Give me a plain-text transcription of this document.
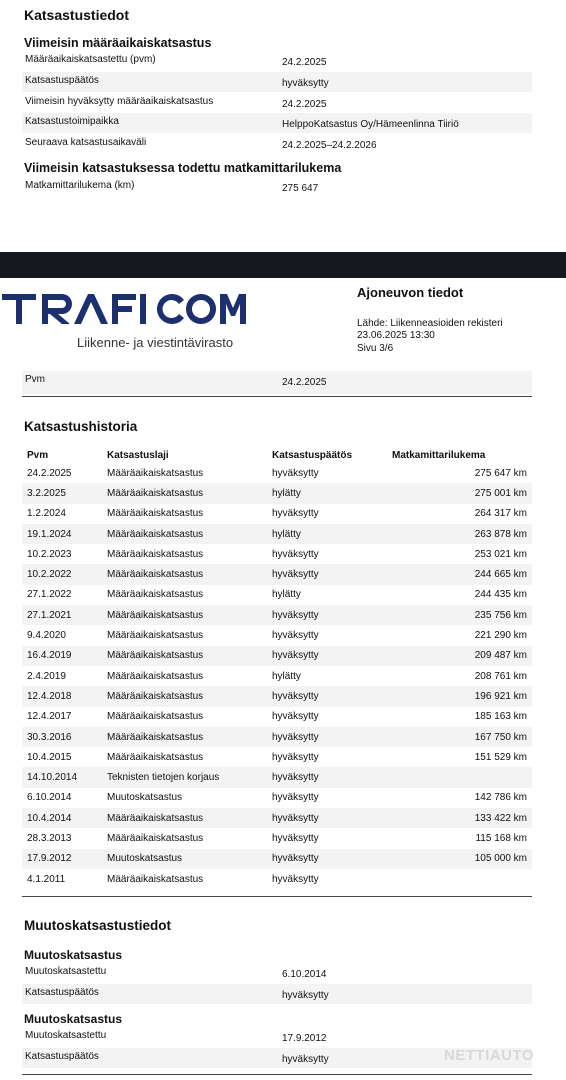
Katsastustiedot
Viimeisin määräaikaiskatsastus
Määräaikaiskatsastettu (pvm)	24.2.2025
Katsastuspäätös	hyväksytty
Viimeisin hyväksytty määräaikaiskatsastus	24.2.2025
Katsastustoimipaikka	HelppoKatsastus Oy/Hämeenlinna Tiiriö
Seuraava katsastusaikaväli	24.2.2025–24.2.2026
Viimeisin katsastuksessa todettu matkamittarilukema
Matkamittarilukema (km)	275 647
Liikenne- ja viestintävirasto
Ajoneuvon tiedot
Lähde: Liikenneasioiden rekisteri
23.06.2025 13:30
Sivu 3/6
Pvm	24.2.2025
Katsastushistoria
Pvm	Katsastuslaji	Katsastuspäätös	Matkamittarilukema
24.2.2025	Määräaikaiskatsastus	hyväksytty	275 647 km
3.2.2025	Määräaikaiskatsastus	hylätty	275 001 km
1.2.2024	Määräaikaiskatsastus	hyväksytty	264 317 km
19.1.2024	Määräaikaiskatsastus	hylätty	263 878 km
10.2.2023	Määräaikaiskatsastus	hyväksytty	253 021 km
10.2.2022	Määräaikaiskatsastus	hyväksytty	244 665 km
27.1.2022	Määräaikaiskatsastus	hylätty	244 435 km
27.1.2021	Määräaikaiskatsastus	hyväksytty	235 756 km
9.4.2020	Määräaikaiskatsastus	hyväksytty	221 290 km
16.4.2019	Määräaikaiskatsastus	hyväksytty	209 487 km
2.4.2019	Määräaikaiskatsastus	hylätty	208 761 km
12.4.2018	Määräaikaiskatsastus	hyväksytty	196 921 km
12.4.2017	Määräaikaiskatsastus	hyväksytty	185 163 km
30.3.2016	Määräaikaiskatsastus	hyväksytty	167 750 km
10.4.2015	Määräaikaiskatsastus	hyväksytty	151 529 km
14.10.2014	Teknisten tietojen korjaus	hyväksytty	
6.10.2014	Muutoskatsastus	hyväksytty	142 786 km
10.4.2014	Määräaikaiskatsastus	hyväksytty	133 422 km
28.3.2013	Määräaikaiskatsastus	hyväksytty	115 168 km
17.9.2012	Muutoskatsastus	hyväksytty	105 000 km
4.1.2011	Määräaikaiskatsastus	hyväksytty	
Muutoskatsastustiedot
Muutoskatsastus
Muutoskatsastettu	6.10.2014
Katsastuspäätös	hyväksytty
Muutoskatsastus
Muutoskatsastettu	17.9.2012
Katsastuspäätös	hyväksytty	NETTIAUTO
